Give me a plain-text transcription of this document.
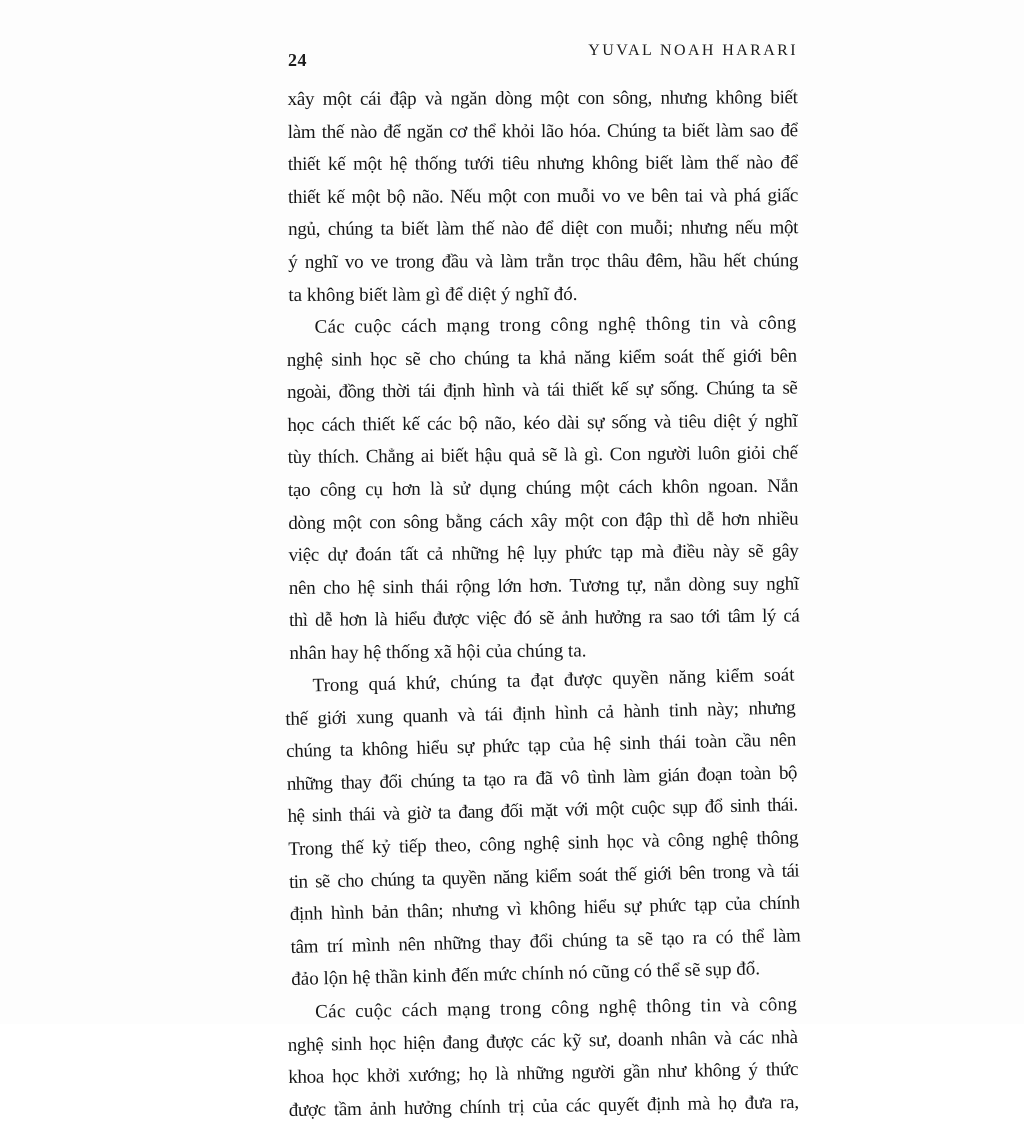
24	YUVAL NOAH HARARI
xây một cái đập và ngăn dòng một con sông, nhưng không biết
làm thế nào để ngăn cơ thể khỏi lão hóa. Chúng ta biết làm sao để
thiết kế một hệ thống tưới tiêu nhưng không biết làm thế nào để
thiết kế một bộ não. Nếu một con muỗi vo ve bên tai và phá giấc
ngủ, chúng ta biết làm thế nào để diệt con muỗi; nhưng nếu một
ý nghĩ vo ve trong đầu và làm trằn trọc thâu đêm, hầu hết chúng
ta không biết làm gì để diệt ý nghĩ đó.
Các cuộc cách mạng trong công nghệ thông tin và công
nghệ sinh học sẽ cho chúng ta khả năng kiểm soát thế giới bên
ngoài, đồng thời tái định hình và tái thiết kế sự sống. Chúng ta sẽ
học cách thiết kế các bộ não, kéo dài sự sống và tiêu diệt ý nghĩ
tùy thích. Chẳng ai biết hậu quả sẽ là gì. Con người luôn giỏi chế
tạo công cụ hơn là sử dụng chúng một cách khôn ngoan. Nắn
dòng một con sông bằng cách xây một con đập thì dễ hơn nhiều
việc dự đoán tất cả những hệ lụy phức tạp mà điều này sẽ gây
nên cho hệ sinh thái rộng lớn hơn. Tương tự, nắn dòng suy nghĩ
thì dễ hơn là hiểu được việc đó sẽ ảnh hưởng ra sao tới tâm lý cá
nhân hay hệ thống xã hội của chúng ta.
Trong quá khứ, chúng ta đạt được quyền năng kiểm soát
thế giới xung quanh và tái định hình cả hành tinh này; nhưng
chúng ta không hiểu sự phức tạp của hệ sinh thái toàn cầu nên
những thay đổi chúng ta tạo ra đã vô tình làm gián đoạn toàn bộ
hệ sinh thái và giờ ta đang đối mặt với một cuộc sụp đổ sinh thái.
Trong thế kỷ tiếp theo, công nghệ sinh học và công nghệ thông
tin sẽ cho chúng ta quyền năng kiểm soát thế giới bên trong và tái
định hình bản thân; nhưng vì không hiểu sự phức tạp của chính
tâm trí mình nên những thay đổi chúng ta sẽ tạo ra có thể làm
đảo lộn hệ thần kinh đến mức chính nó cũng có thể sẽ sụp đổ.
Các cuộc cách mạng trong công nghệ thông tin và công
nghệ sinh học hiện đang được các kỹ sư, doanh nhân và các nhà
khoa học khởi xướng; họ là những người gần như không ý thức
được tầm ảnh hưởng chính trị của các quyết định mà họ đưa ra,
